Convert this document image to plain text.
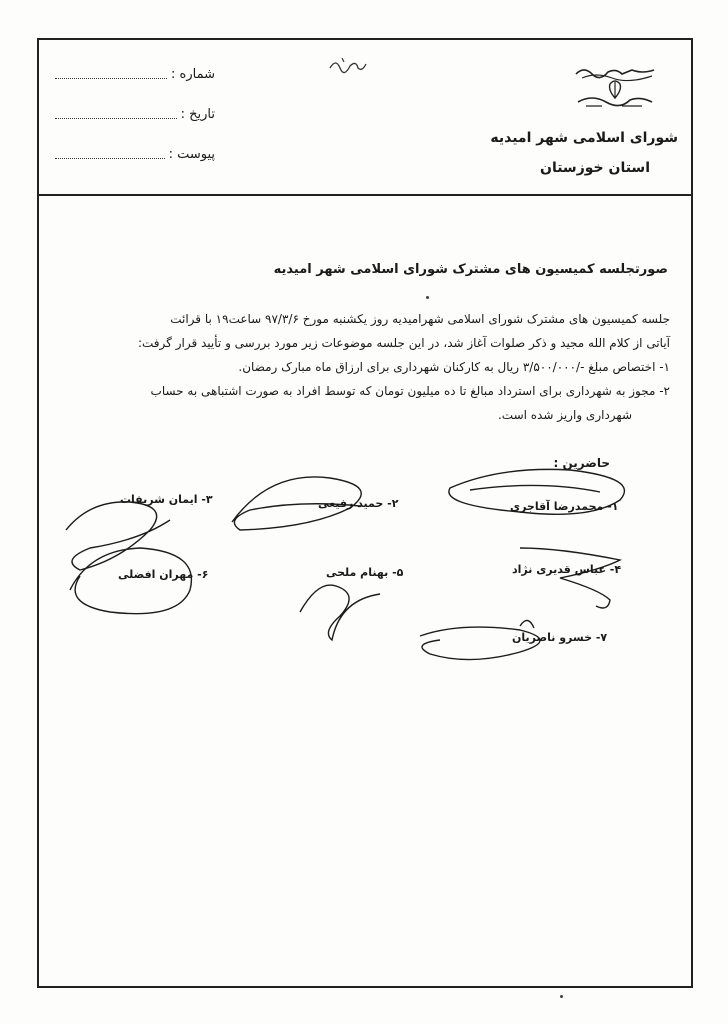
شماره :
تاریخ :
پیوست :
شورای اسلامی شهر امیدیه
استان خوزستان
صورتجلسه کمیسیون های مشترک شورای اسلامی شهر امیدیه
جلسه کمیسیون های مشترک شورای اسلامی شهرامیدیه روز یکشنبه مورخ ۹۷/۳/۶ ساعت۱۹ با قرائت
آیاتی از کلام الله مجید و ذکر صلوات آغاز شد، در این جلسه موضوعات زیر مورد بررسی و تأیید قرار گرفت:
۱- اختصاص مبلغ -/۳/۵۰۰/۰۰۰ ریال به کارکنان شهرداری برای ارزاق ماه مبارک رمضان.
۲- مجوز به شهرداری برای استرداد مبالغ تا ده میلیون تومان که توسط افراد به صورت اشتباهی به حساب
شهرداری واریز شده است.
حاضرین :
۱- محمدرضا آقاجری
۲- حمید رفیعی
۳- ایمان شریفات
۴- عباس قدیری نژاد
۵- بهنام ملحی
۶- مهران افضلی
۷- خسرو ناصریان
